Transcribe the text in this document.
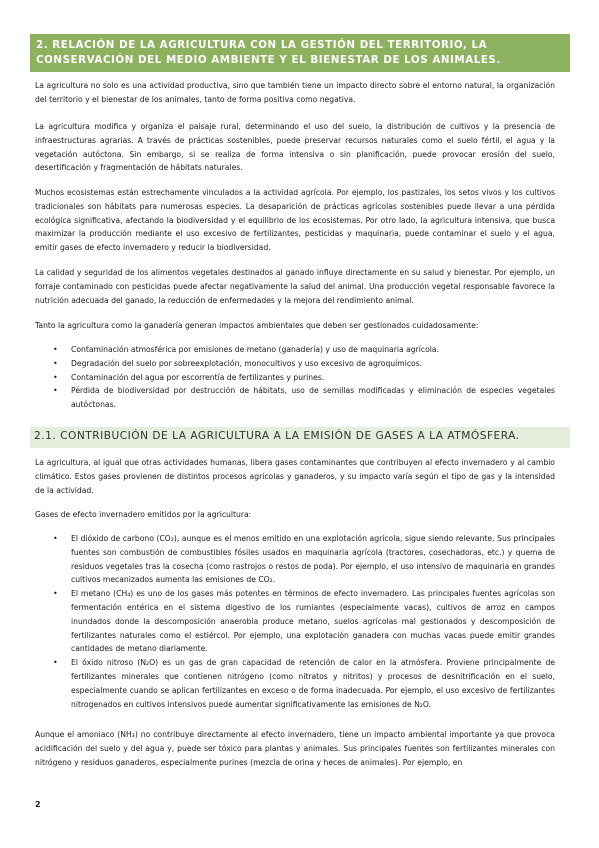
2. RELACIÓN DE LA AGRICULTURA CON LA GESTIÓN DEL TERRITORIO, LA CONSERVACIÓN DEL MEDIO AMBIENTE Y EL BIENESTAR DE LOS ANIMALES.

La agricultura no solo es una actividad productiva, sino que también tiene un impacto directo sobre el entorno natural, la organización del territorio y el bienestar de los animales, tanto de forma positiva como negativa.

La agricultura modifica y organiza el paisaje rural, determinando el uso del suelo, la distribución de cultivos y la presencia de infraestructuras agrarias. A través de prácticas sostenibles, puede preservar recursos naturales como el suelo fértil, el agua y la vegetación autóctona. Sin embargo, si se realiza de forma intensiva o sin planificación, puede provocar erosión del suelo, desertificación y fragmentación de hábitats naturales.

Muchos ecosistemas están estrechamente vinculados a la actividad agrícola. Por ejemplo, los pastizales, los setos vivos y los cultivos tradicionales son hábitats para numerosas especies. La desaparición de prácticas agrícolas sostenibles puede llevar a una pérdida ecológica significativa, afectando la biodiversidad y el equilibrio de los ecosistemas. Por otro lado, la agricultura intensiva, que busca maximizar la producción mediante el uso excesivo de fertilizantes, pesticidas y maquinaria, puede contaminar el suelo y el agua, emitir gases de efecto invernadero y reducir la biodiversidad.

La calidad y seguridad de los alimentos vegetales destinados al ganado influye directamente en su salud y bienestar. Por ejemplo, un forraje contaminado con pesticidas puede afectar negativamente la salud del animal. Una producción vegetal responsable favorece la nutrición adecuada del ganado, la reducción de enfermedades y la mejora del rendimiento animal.

Tanto la agricultura como la ganadería generan impactos ambientales que deben ser gestionados cuidadosamente:

• Contaminación atmosférica por emisiones de metano (ganadería) y uso de maquinaria agrícola.
• Degradación del suelo por sobreexplotación, monocultivos y uso excesivo de agroquímicos.
• Contaminación del agua por escorrentía de fertilizantes y purines.
• Pérdida de biodiversidad por destrucción de hábitats, uso de semillas modificadas y eliminación de especies vegetales autóctonas.
2.1. CONTRIBUCIÓN DE LA AGRICULTURA A LA EMISIÓN DE GASES A LA ATMÓSFERA.

La agricultura, al igual que otras actividades humanas, libera gases contaminantes que contribuyen al efecto invernadero y al cambio climático. Estos gases provienen de distintos procesos agrícolas y ganaderos, y su impacto varía según el tipo de gas y la intensidad de la actividad.

Gases de efecto invernadero emitidos por la agricultura:

• El dióxido de carbono (CO₂), aunque es el menos emitido en una explotación agrícola, sigue siendo relevante. Sus principales fuentes son combustión de combustibles fósiles usados en maquinaria agrícola (tractores, cosechadoras, etc.) y quema de residuos vegetales tras la cosecha (como rastrojos o restos de poda). Por ejemplo, el uso intensivo de maquinaria en grandes cultivos mecanizados aumenta las emisiones de CO₂.
• El metano (CH₄) es uno de los gases más potentes en términos de efecto invernadero. Las principales fuentes agrícolas son fermentación entérica en el sistema digestivo de los rumiantes (especialmente vacas), cultivos de arroz en campos inundados donde la descomposición anaerobia produce metano, suelos agrícolas mal gestionados y descomposición de fertilizantes naturales como el estiércol. Por ejemplo, una explotación ganadera con muchas vacas puede emitir grandes cantidades de metano diariamente.
• El óxido nitroso (N₂O) es un gas de gran capacidad de retención de calor en la atmósfera. Proviene principalmente de fertilizantes minerales que contienen nitrógeno (como nitratos y nitritos) y procesos de desnitrificación en el suelo, especialmente cuando se aplican fertilizantes en exceso o de forma inadecuada. Por ejemplo, el uso excesivo de fertilizantes nitrogenados en cultivos intensivos puede aumentar significativamente las emisiones de N₂O.

Aunque el amoniaco (NH₃) no contribuye directamente al efecto invernadero, tiene un impacto ambiental importante ya que provoca acidificación del suelo y del agua y, puede ser tóxico para plantas y animales. Sus principales fuentes son fertilizantes minerales con nitrógeno y residuos ganaderos, especialmente purines (mezcla de orina y heces de animales). Por ejemplo, en

2
